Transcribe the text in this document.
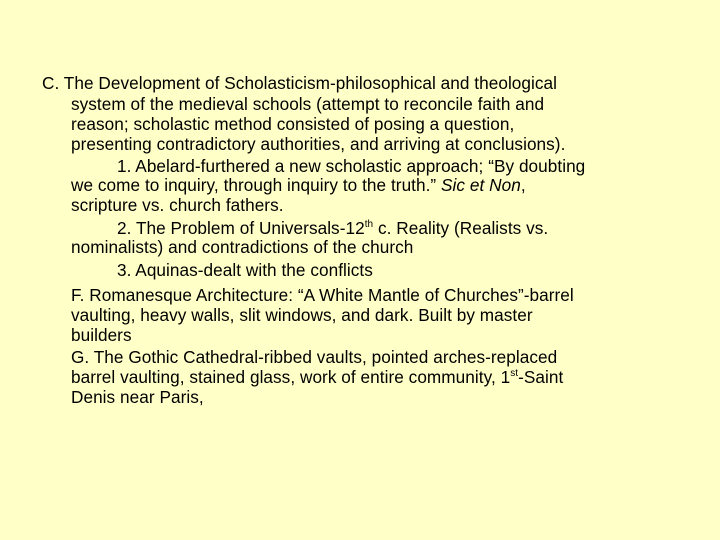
C. The Development of Scholasticism-philosophical and theological
system of the medieval schools (attempt to reconcile faith and
reason; scholastic method consisted of posing a question,
presenting contradictory authorities, and arriving at conclusions).
1. Abelard-furthered a new scholastic approach; “By doubting
we come to inquiry, through inquiry to the truth.” Sic et Non,
scripture vs. church fathers.
2. The Problem of Universals-12th c. Reality (Realists vs.
nominalists) and contradictions of the church
3. Aquinas-dealt with the conflicts
F. Romanesque Architecture: “A White Mantle of Churches”-barrel
vaulting, heavy walls, slit windows, and dark. Built by master
builders
G. The Gothic Cathedral-ribbed vaults, pointed arches-replaced
barrel vaulting, stained glass, work of entire community, 1st-Saint
Denis near Paris,
